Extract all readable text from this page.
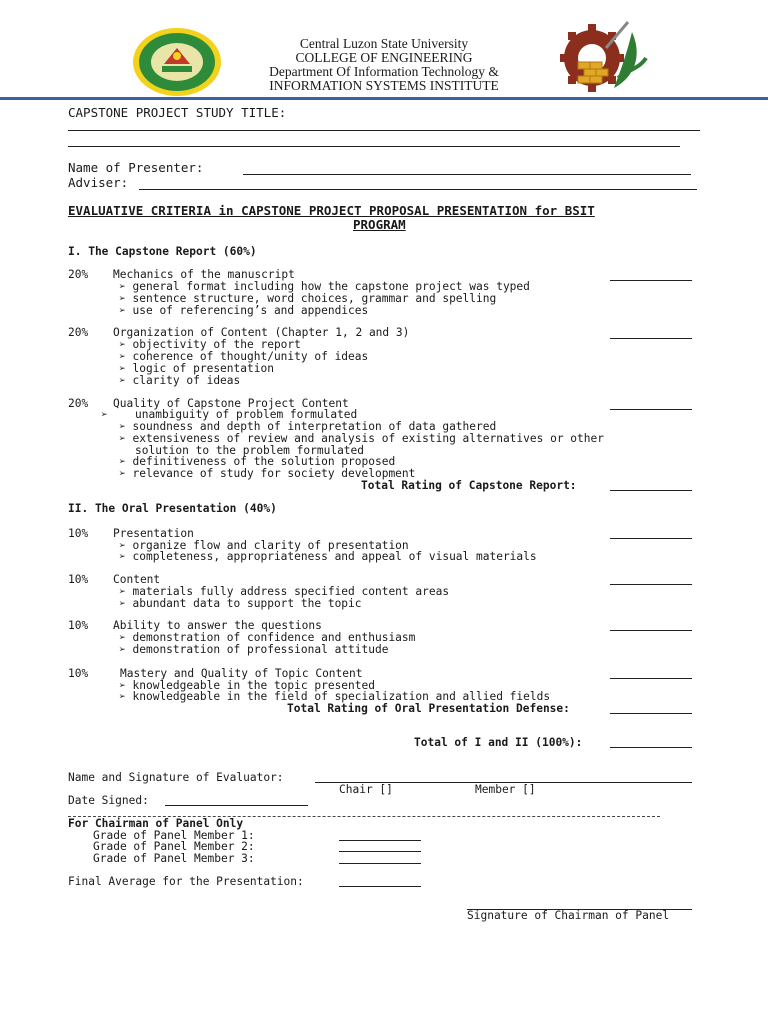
Central Luzon State University
COLLEGE OF ENGINEERING
Department Of Information Technology &
INFORMATION SYSTEMS INSTITUTE
CAPSTONE PROJECT STUDY TITLE:
Name of Presenter:
Adviser:
EVALUATIVE CRITERIA in CAPSTONE PROJECT PROPOSAL PRESENTATION for BSIT
PROGRAM
I. The Capstone Report (60%)
20% Mechanics of the manuscript
➢ general format including how the capstone project was typed
➢ sentence structure, word choices, grammar and spelling
➢ use of referencing’s and appendices
20% Organization of Content (Chapter 1, 2 and 3)
➢ objectivity of the report
➢ coherence of thought/unity of ideas
➢ logic of presentation
➢ clarity of ideas
20% Quality of Capstone Project Content
➢ unambiguity of problem formulated
➢ soundness and depth of interpretation of data gathered
➢ extensiveness of review and analysis of existing alternatives or other
solution to the problem formulated
➢ definitiveness of the solution proposed
➢ relevance of study for society development
Total Rating of Capstone Report:
II. The Oral Presentation (40%)
10% Presentation
➢ organize flow and clarity of presentation
➢ completeness, appropriateness and appeal of visual materials
10% Content
➢ materials fully address specified content areas
➢ abundant data to support the topic
10% Ability to answer the questions
➢ demonstration of confidence and enthusiasm
➢ demonstration of professional attitude
10%	Mastery and Quality of Topic Content
➢ knowledgeable in the topic presented
➢ knowledgeable in the field of specialization and allied fields
Total Rating of Oral Presentation Defense:
Total of I and II (100%):
Name and Signature of Evaluator:
Chair []	Member []
Date Signed:
For Chairman of Panel Only
Grade of Panel Member 1:
Grade of Panel Member 2:
Grade of Panel Member 3:
Final Average for the Presentation:
Signature of Chairman of Panel
